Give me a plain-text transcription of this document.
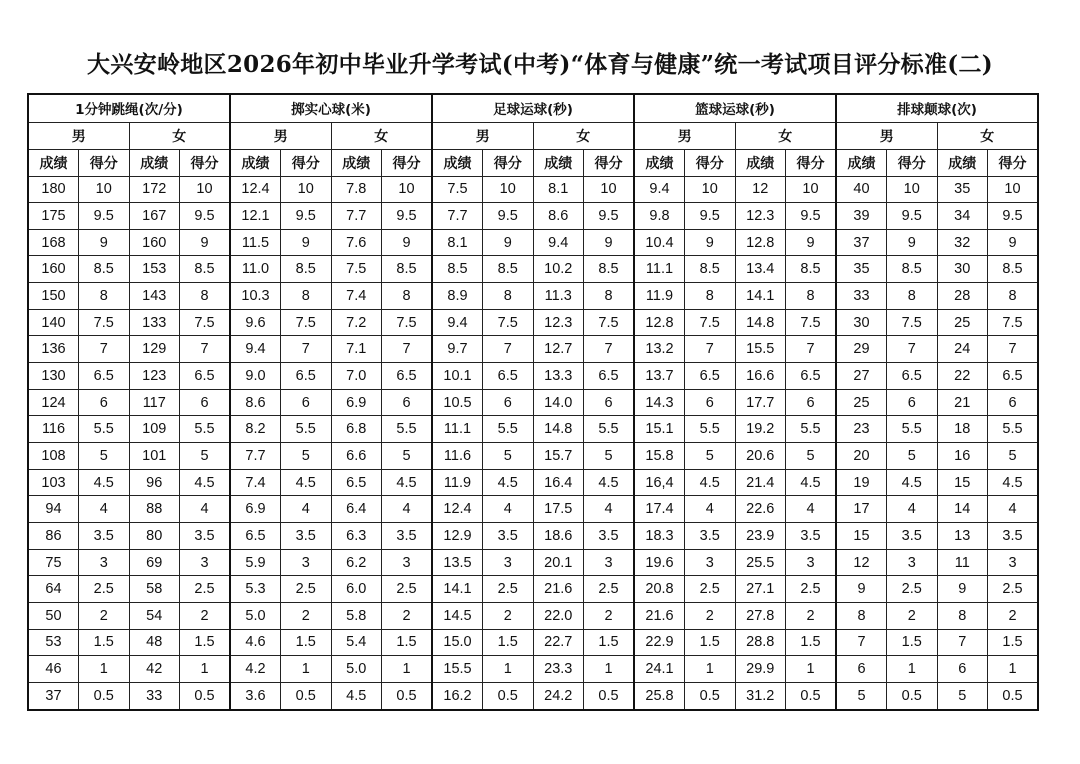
大兴安岭地区2026年初中毕业升学考试(中考)“体育与健康”统一考试项目评分标准(二)
1分钟跳绳(次/分)				掷实心球(米)				足球运球(秒)				篮球运球(秒)				排球颠球(次)			
男		女		男		女		男		女		男		女		男		女	
成绩	得分	成绩	得分	成绩	得分	成绩	得分	成绩	得分	成绩	得分	成绩	得分	成绩	得分	成绩	得分	成绩	得分
180	10	172	10	12.4	10	7.8	10	7.5	10	8.1	10	9.4	10	12	10	40	10	35	10
175	9.5	167	9.5	12.1	9.5	7.7	9.5	7.7	9.5	8.6	9.5	9.8	9.5	12.3	9.5	39	9.5	34	9.5
168	9	160	9	11.5	9	7.6	9	8.1	9	9.4	9	10.4	9	12.8	9	37	9	32	9
160	8.5	153	8.5	11.0	8.5	7.5	8.5	8.5	8.5	10.2	8.5	11.1	8.5	13.4	8.5	35	8.5	30	8.5
150	8	143	8	10.3	8	7.4	8	8.9	8	11.3	8	11.9	8	14.1	8	33	8	28	8
140	7.5	133	7.5	9.6	7.5	7.2	7.5	9.4	7.5	12.3	7.5	12.8	7.5	14.8	7.5	30	7.5	25	7.5
136	7	129	7	9.4	7	7.1	7	9.7	7	12.7	7	13.2	7	15.5	7	29	7	24	7
130	6.5	123	6.5	9.0	6.5	7.0	6.5	10.1	6.5	13.3	6.5	13.7	6.5	16.6	6.5	27	6.5	22	6.5
124	6	117	6	8.6	6	6.9	6	10.5	6	14.0	6	14.3	6	17.7	6	25	6	21	6
116	5.5	109	5.5	8.2	5.5	6.8	5.5	11.1	5.5	14.8	5.5	15.1	5.5	19.2	5.5	23	5.5	18	5.5
108	5	101	5	7.7	5	6.6	5	11.6	5	15.7	5	15.8	5	20.6	5	20	5	16	5
103	4.5	96	4.5	7.4	4.5	6.5	4.5	11.9	4.5	16.4	4.5	16,4	4.5	21.4	4.5	19	4.5	15	4.5
94	4	88	4	6.9	4	6.4	4	12.4	4	17.5	4	17.4	4	22.6	4	17	4	14	4
86	3.5	80	3.5	6.5	3.5	6.3	3.5	12.9	3.5	18.6	3.5	18.3	3.5	23.9	3.5	15	3.5	13	3.5
75	3	69	3	5.9	3	6.2	3	13.5	3	20.1	3	19.6	3	25.5	3	12	3	11	3
64	2.5	58	2.5	5.3	2.5	6.0	2.5	14.1	2.5	21.6	2.5	20.8	2.5	27.1	2.5	9	2.5	9	2.5
50	2	54	2	5.0	2	5.8	2	14.5	2	22.0	2	21.6	2	27.8	2	8	2	8	2
53	1.5	48	1.5	4.6	1.5	5.4	1.5	15.0	1.5	22.7	1.5	22.9	1.5	28.8	1.5	7	1.5	7	1.5
46	1	42	1	4.2	1	5.0	1	15.5	1	23.3	1	24.1	1	29.9	1	6	1	6	1
37	0.5	33	0.5	3.6	0.5	4.5	0.5	16.2	0.5	24.2	0.5	25.8	0.5	31.2	0.5	5	0.5	5	0.5
